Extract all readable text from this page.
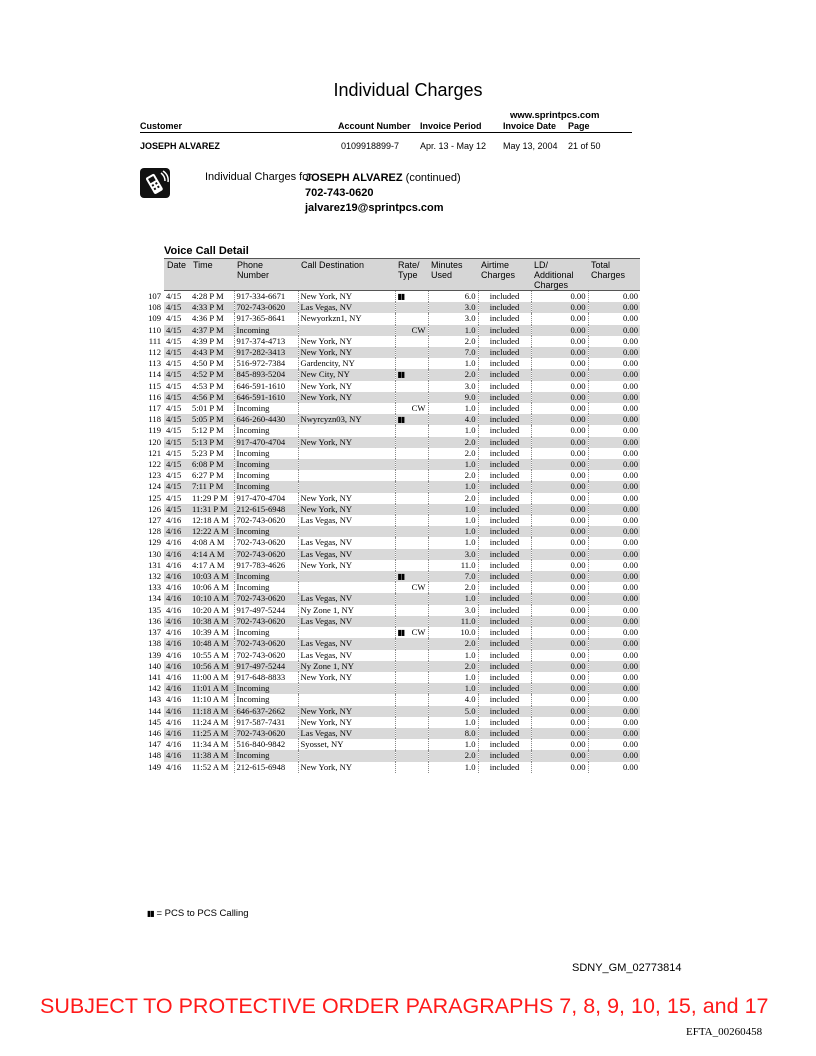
Individual Charges
www.sprintpcs.com
Customer	Account Number Invoice Period Invoice Date Page
JOSEPH ALVAREZ	0109918899-7 Apr. 13 - May 12 May 13, 2004 21 of 50
Individual Charges for
JOSEPH ALVAREZ (continued)
702-743-0620
jalvarez19@sprintpcs.com
Voice Call Detail
	Date	Time	Phone Number	Call Destination	Rate/ Type	Minutes Used	Airtime Charges	LD/ Additional Charges	Total Charges
107	4/15	4:28 P M	917-334-6671	New York, NY	▮▮	6.0	included	0.00	0.00
108	4/15	4:33 P M	702-743-0620	Las Vegas, NV		3.0	included	0.00	0.00
109	4/15	4:36 P M	917-365-8641	Newyorkzn1, NY		3.0	included	0.00	0.00
110	4/15	4:37 P M	Incoming		CW	1.0	included	0.00	0.00
111	4/15	4:39 P M	917-374-4713	New York, NY		2.0	included	0.00	0.00
112	4/15	4:43 P M	917-282-3413	New York, NY		7.0	included	0.00	0.00
113	4/15	4:50 P M	516-972-7384	Gardencity, NY		1.0	included	0.00	0.00
114	4/15	4:52 P M	845-893-5204	New City, NY	▮▮	2.0	included	0.00	0.00
115	4/15	4:53 P M	646-591-1610	New York, NY		3.0	included	0.00	0.00
116	4/15	4:56 P M	646-591-1610	New York, NY		9.0	included	0.00	0.00
117	4/15	5:01 P M	Incoming		CW	1.0	included	0.00	0.00
118	4/15	5:05 P M	646-260-4430	Nwyrcyzn03, NY	▮▮	4.0	included	0.00	0.00
119	4/15	5:12 P M	Incoming			1.0	included	0.00	0.00
120	4/15	5:13 P M	917-470-4704	New York, NY		2.0	included	0.00	0.00
121	4/15	5:23 P M	Incoming			2.0	included	0.00	0.00
122	4/15	6:08 P M	Incoming			1.0	included	0.00	0.00
123	4/15	6:27 P M	Incoming			2.0	included	0.00	0.00
124	4/15	7:11 P M	Incoming			1.0	included	0.00	0.00
125	4/15	11:29 P M	917-470-4704	New York, NY		2.0	included	0.00	0.00
126	4/15	11:31 P M	212-615-6948	New York, NY		1.0	included	0.00	0.00
127	4/16	12:18 A M	702-743-0620	Las Vegas, NV		1.0	included	0.00	0.00
128	4/16	12:22 A M	Incoming			1.0	included	0.00	0.00
129	4/16	4:08 A M	702-743-0620	Las Vegas, NV		1.0	included	0.00	0.00
130	4/16	4:14 A M	702-743-0620	Las Vegas, NV		3.0	included	0.00	0.00
131	4/16	4:17 A M	917-783-4626	New York, NY		11.0	included	0.00	0.00
132	4/16	10:03 A M	Incoming		▮▮	7.0	included	0.00	0.00
133	4/16	10:06 A M	Incoming		CW	2.0	included	0.00	0.00
134	4/16	10:10 A M	702-743-0620	Las Vegas, NV		1.0	included	0.00	0.00
135	4/16	10:20 A M	917-497-5244	Ny Zone 1, NY		3.0	included	0.00	0.00
136	4/16	10:38 A M	702-743-0620	Las Vegas, NV		11.0	included	0.00	0.00
137	4/16	10:39 A M	Incoming		▮▮ CW	10.0	included	0.00	0.00
138	4/16	10:48 A M	702-743-0620	Las Vegas, NV		2.0	included	0.00	0.00
139	4/16	10:55 A M	702-743-0620	Las Vegas, NV		1.0	included	0.00	0.00
140	4/16	10:56 A M	917-497-5244	Ny Zone 1, NY		2.0	included	0.00	0.00
141	4/16	11:00 A M	917-648-8833	New York, NY		1.0	included	0.00	0.00
142	4/16	11:01 A M	Incoming			1.0	included	0.00	0.00
143	4/16	11:10 A M	Incoming			4.0	included	0.00	0.00
144	4/16	11:18 A M	646-637-2662	New York, NY		5.0	included	0.00	0.00
145	4/16	11:24 A M	917-587-7431	New York, NY		1.0	included	0.00	0.00
146	4/16	11:25 A M	702-743-0620	Las Vegas, NV		8.0	included	0.00	0.00
147	4/16	11:34 A M	516-840-9842	Syosset, NY		1.0	included	0.00	0.00
148	4/16	11:38 A M	Incoming			2.0	included	0.00	0.00
149	4/16	11:52 A M	212-615-6948	New York, NY		1.0	included	0.00	0.00
▮▮ = PCS to PCS Calling
SDNY_GM_02773814
SUBJECT TO PROTECTIVE ORDER PARAGRAPHS 7, 8, 9, 10, 15, and 17
EFTA_00260458
